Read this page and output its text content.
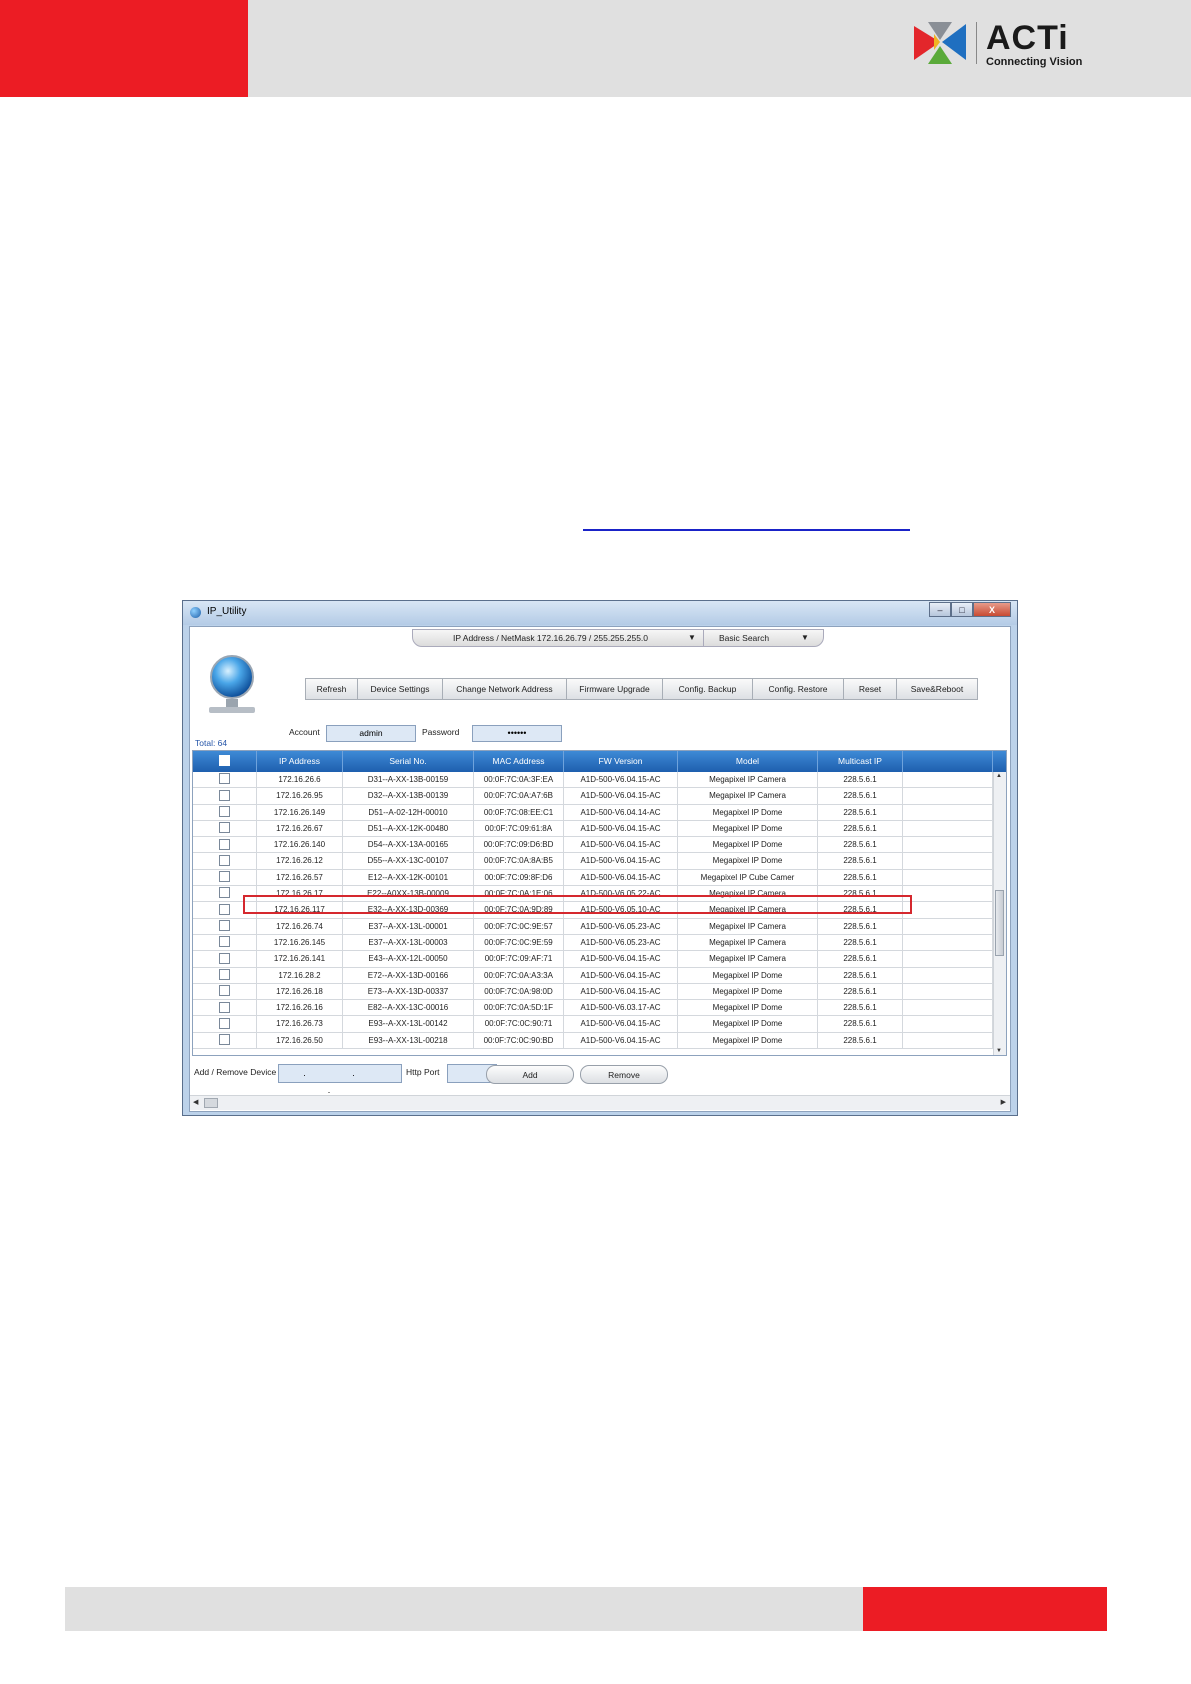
ACTi
Connecting Vision
IP_Utility	–	□	X
IP Address / NetMask 172.16.26.79 / 255.255.255.0	▼	Basic Search	▼
Refresh	Device Settings	Change Network Address	Firmware Upgrade	Config. Backup	Config. Restore	Reset	Save&Reboot
Account	admin	Password	••••••
Total: 64
IP Address	Serial No.	MAC Address	FW Version	Model	Multicast IP
172.16.26.6	D31--A-XX-13B-00159	00:0F:7C:0A:3F:EA	A1D-500-V6.04.15-AC	Megapixel IP Camera	228.5.6.1
172.16.26.95	D32--A-XX-13B-00139	00:0F:7C:0A:A7:6B	A1D-500-V6.04.15-AC	Megapixel IP Camera	228.5.6.1
172.16.26.149	D51--A-02-12H-00010	00:0F:7C:08:EE:C1	A1D-500-V6.04.14-AC	Megapixel IP Dome	228.5.6.1
172.16.26.67	D51--A-XX-12K-00480	00:0F:7C:09:61:8A	A1D-500-V6.04.15-AC	Megapixel IP Dome	228.5.6.1
172.16.26.140	D54--A-XX-13A-00165	00:0F:7C:09:D6:BD	A1D-500-V6.04.15-AC	Megapixel IP Dome	228.5.6.1
172.16.26.12	D55--A-XX-13C-00107	00:0F:7C:0A:8A:B5	A1D-500-V6.04.15-AC	Megapixel IP Dome	228.5.6.1
172.16.26.57	E12--A-XX-12K-00101	00:0F:7C:09:8F:D6	A1D-500-V6.04.15-AC	Megapixel IP Cube Camer	228.5.6.1
172.16.26.17	E22--A0XX-13B-00009	00:0F:7C:0A:1E:06	A1D-500-V6.05.22-AC	Megapixel IP Camera	228.5.6.1
172.16.26.117	E32--A-XX-13D-00369	00:0F:7C:0A:9D:89	A1D-500-V6.05.10-AC	Megapixel IP Camera	228.5.6.1
172.16.26.74	E37--A-XX-13L-00001	00:0F:7C:0C:9E:57	A1D-500-V6.05.23-AC	Megapixel IP Camera	228.5.6.1
172.16.26.145	E37--A-XX-13L-00003	00:0F:7C:0C:9E:59	A1D-500-V6.05.23-AC	Megapixel IP Camera	228.5.6.1
172.16.26.141	E43--A-XX-12L-00050	00:0F:7C:09:AF:71	A1D-500-V6.04.15-AC	Megapixel IP Camera	228.5.6.1
172.16.28.2	E72--A-XX-13D-00166	00:0F:7C:0A:A3:3A	A1D-500-V6.04.15-AC	Megapixel IP Dome	228.5.6.1
172.16.26.18	E73--A-XX-13D-00337	00:0F:7C:0A:98:0D	A1D-500-V6.04.15-AC	Megapixel IP Dome	228.5.6.1
172.16.26.16	E82--A-XX-13C-00016	00:0F:7C:0A:5D:1F	A1D-500-V6.03.17-AC	Megapixel IP Dome	228.5.6.1
172.16.26.73	E93--A-XX-13L-00142	00:0F:7C:0C:90:71	A1D-500-V6.04.15-AC	Megapixel IP Dome	228.5.6.1
172.16.26.50	E93--A-XX-13L-00218	00:0F:7C:0C:90:BD	A1D-500-V6.04.15-AC	Megapixel IP Dome	228.5.6.1
▲
▼
Add / Remove Device	. . .
Http Port	Add	Remove
◀	▶
